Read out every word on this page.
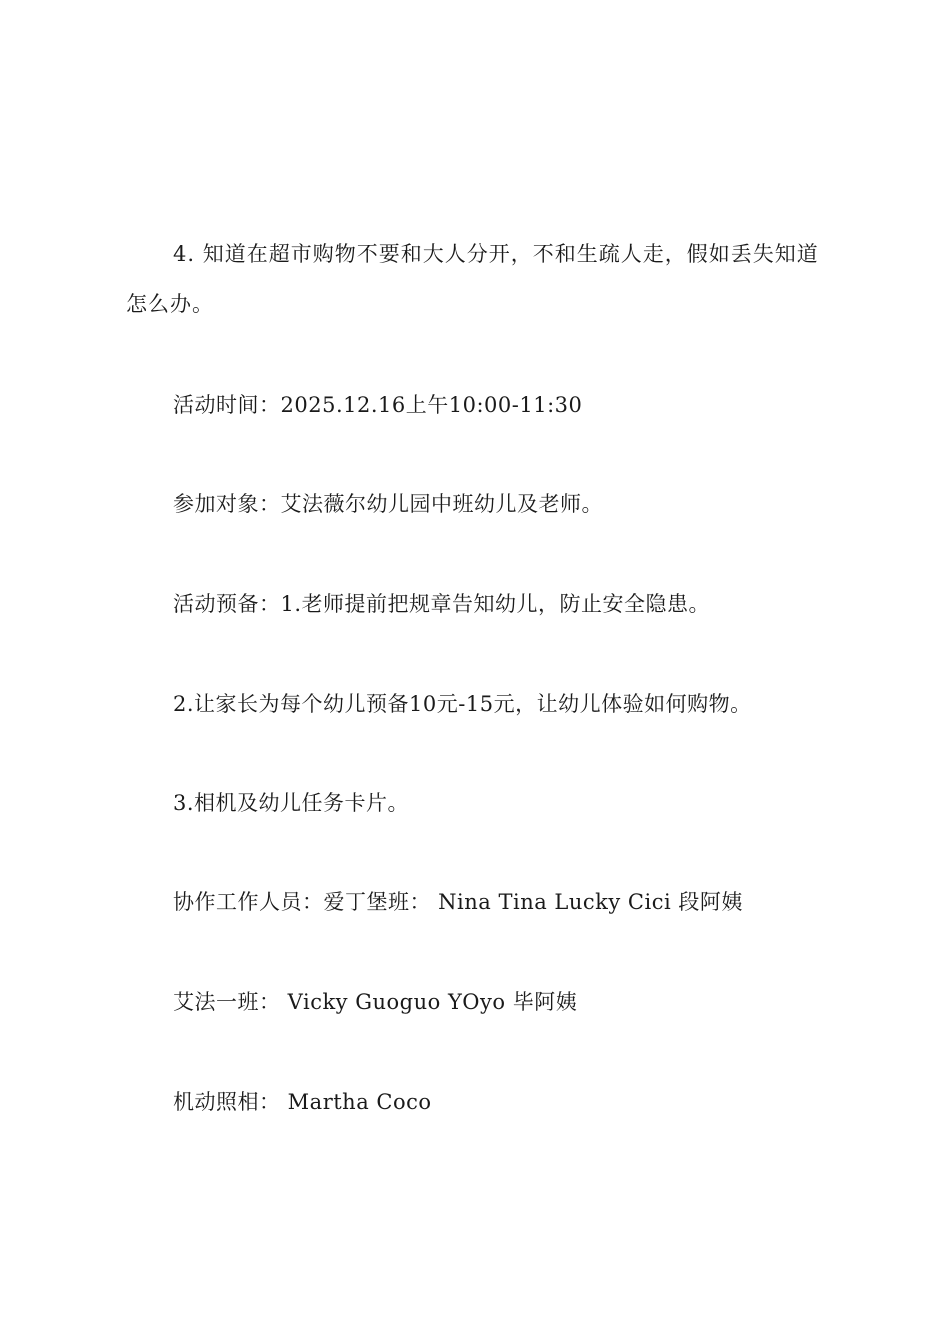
4. 知道在超市购物不要和大人分开，不和生疏人走，假如丢失知道怎么办。

活动时间：2025.12.16上午10:00-11:30

参加对象：艾法薇尔幼儿园中班幼儿及老师。

活动预备：1.老师提前把规章告知幼儿，防止安全隐患。

2.让家长为每个幼儿预备10元-15元，让幼儿体验如何购物。

3.相机及幼儿任务卡片。

协作工作人员：爱丁堡班： Nina Tina Lucky Cici 段阿姨

艾法一班： Vicky Guoguo YOyo 毕阿姨

机动照相： Martha Coco
